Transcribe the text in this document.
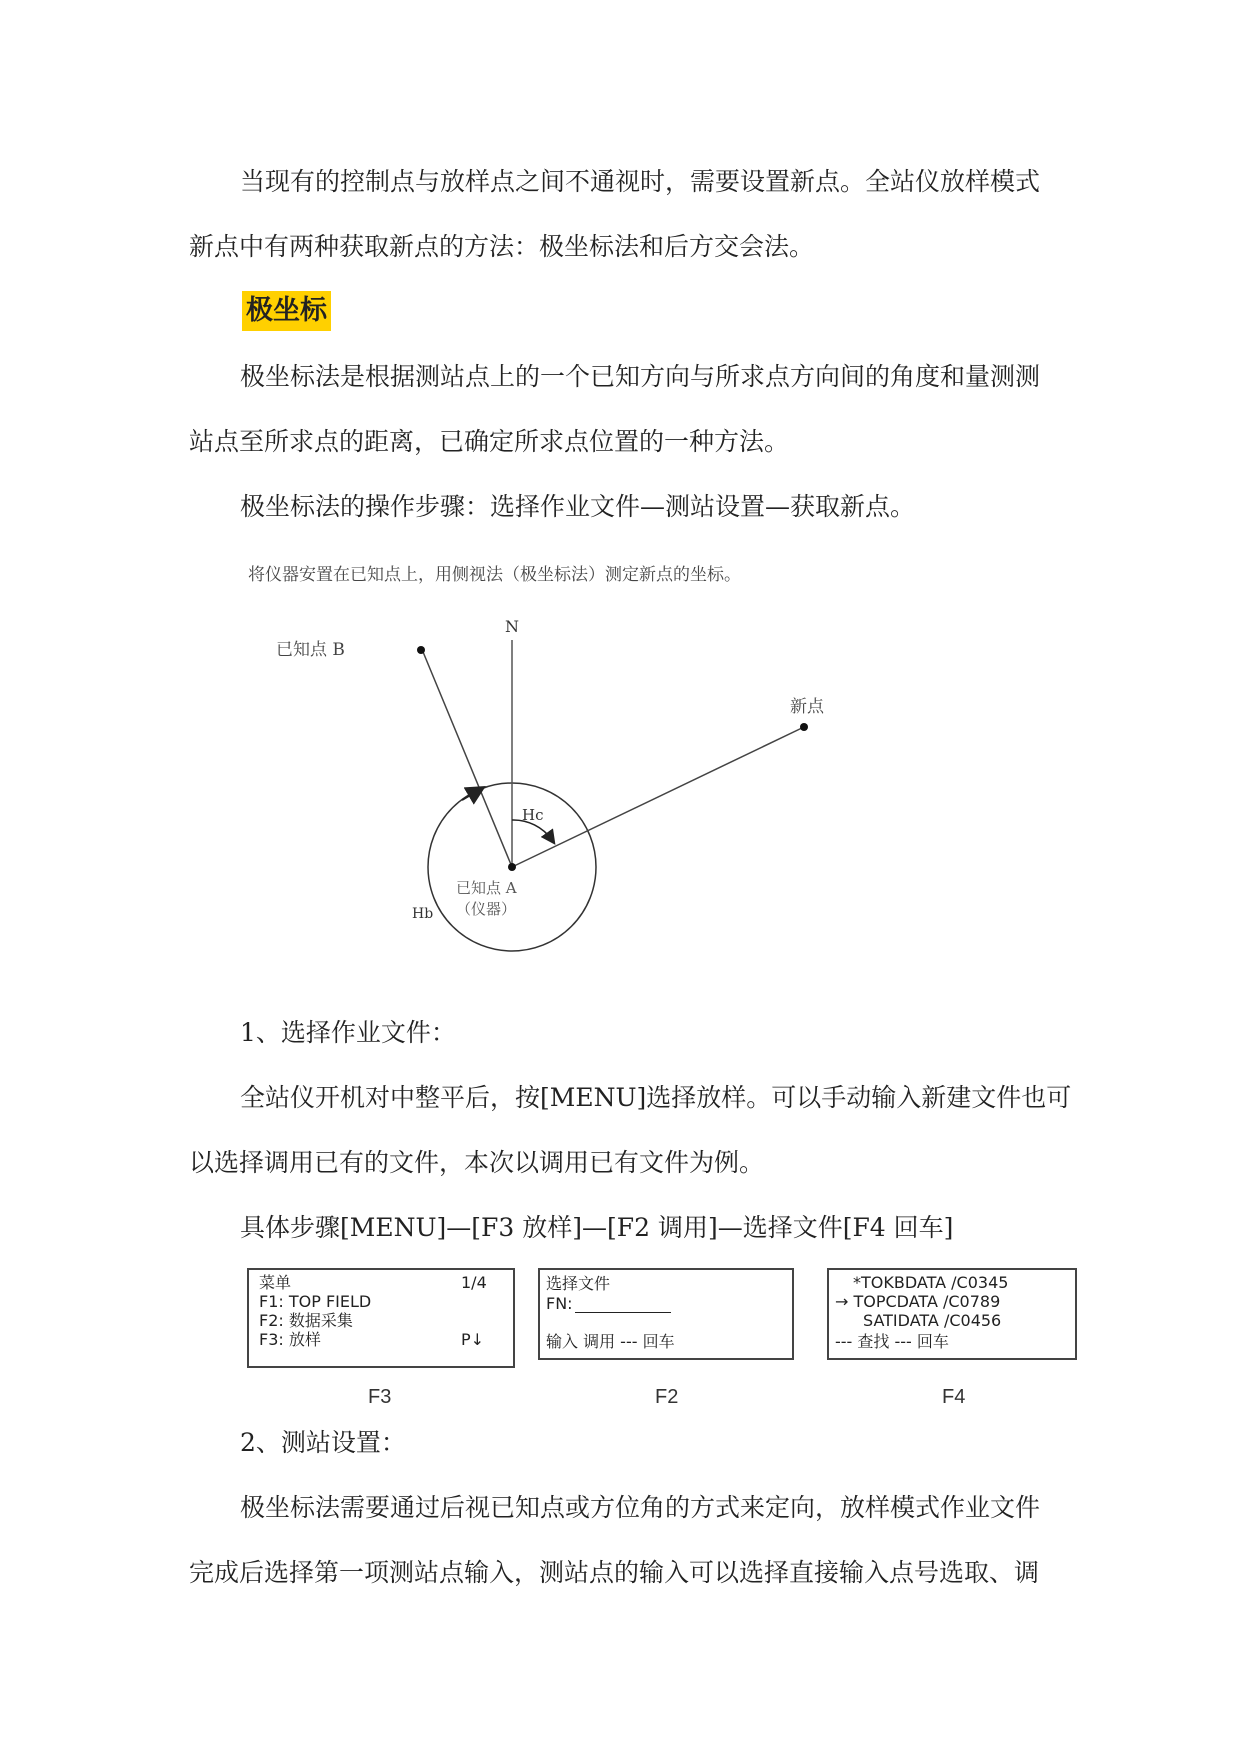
当现有的控制点与放样点之间不通视时，需要设置新点。全站仪放样模式
新点中有两种获取新点的方法：极坐标法和后方交会法。
极坐标
极坐标法是根据测站点上的一个已知方向与所求点方向间的角度和量测测
站点至所求点的距离，已确定所求点位置的一种方法。
极坐标法的操作步骤：选择作业文件—测站设置—获取新点。
将仪器安置在已知点上，用侧视法（极坐标法）测定新点的坐标。
已知点 B
N
新点
Hc
已知点 A
（仪器）
Hb
1、选择作业文件：
全站仪开机对中整平后，按[MENU]选择放样。可以手动输入新建文件也可
以选择调用已有的文件，本次以调用已有文件为例。
具体步骤[MENU]—[F3 放样]—[F2 调用]—选择文件[F4 回车]
菜单	1/4
F1: TOP FIELD
F2: 数据采集
F3: 放样	P↓
F3
选择文件
FN:
输入 调用 --- 回车
F2
*TOKBDATA /C0345
→ TOPCDATA /C0789
SATIDATA /C0456
--- 查找 --- 回车
F4
2、测站设置：
极坐标法需要通过后视已知点或方位角的方式来定向，放样模式作业文件
完成后选择第一项测站点输入，测站点的输入可以选择直接输入点号选取、调
